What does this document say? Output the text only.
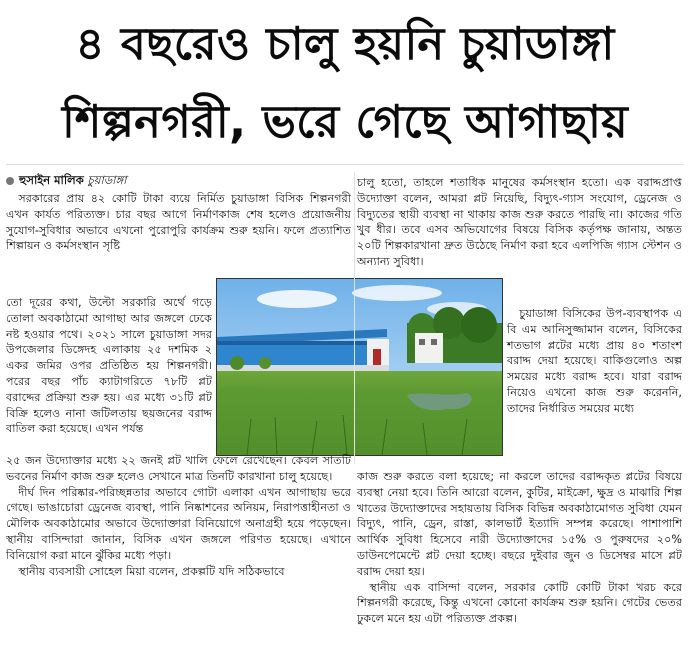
৪ বছরেও চালু হয়নি চুয়াডাঙ্গা
শিল্পনগরী, ভরে গেছে আগাছায়
হুসাইন মালিক চুয়াডাঙ্গা

সরকারের প্রায় ৪২ কোটি টাকা ব্যয়ে নির্মিত চুয়াডাঙ্গা বিসিক শিল্পনগরী এখন কার্যত পরিত্যক্ত। চার বছর আগে নির্মাণকাজ শেষ হলেও প্রয়োজনীয় সুযোগ-সুবিধার অভাবে এখনো পুরোপুরি কার্যক্রম শুরু হয়নি। ফলে প্রত্যাশিত শিল্পায়ন ও কর্মসংস্থান সৃষ্টি

তো দূরের কথা, উল্টো সরকারি অর্থে গড়ে তোলা অবকাঠামো আগাছা আর জঙ্গলে ঢেকে নষ্ট হওয়ার পথে। ২০২১ সালে চুয়াডাঙ্গা সদর উপজেলার ডিঙ্গেদহ এলাকায় ২৫ দশমিক ২ একর জমির ওপর প্রতিষ্ঠিত হয় শিল্পনগরী। পরের বছর পাঁচ ক্যাটাগরিতে ৭৮টি প্লট বরাদ্দের প্রক্রিয়া শুরু হয়। এর মধ্যে ৩১টি প্লট বিক্রি হলেও নানা জটিলতায় ছয়জনের বরাদ্দ বাতিল করা হয়েছে। এখন পর্যন্ত

২৫ জন উদ্যোক্তার মধ্যে ২২ জনই প্লট খালি ফেলে রেখেছেন। কেবল সাতটি ভবনের নির্মাণ কাজ শুরু হলেও সেখানে মাত্র তিনটি কারখানা চালু হয়েছে।

দীর্ঘ দিন পরিষ্কার-পরিচ্ছন্নতার অভাবে গোটা এলাকা এখন আগাছায় ভরে গেছে। ভাঙাচোরা ড্রেনেজ ব্যবস্থা, পানি নিষ্কাশনের অনিয়ম, নিরাপত্তাহীনতা ও মৌলিক অবকাঠামোর অভাবে উদ্যোক্তারা বিনিয়োগে অনাগ্রহী হয়ে পড়েছেন। স্থানীয় বাসিন্দারা জানান, বিসিক এখন জঙ্গলে পরিণত হয়েছে। এখানে বিনিয়োগ করা মানে ঝুঁকির মধ্যে পড়া।

স্থানীয় ব্যবসায়ী সোহেল মিয়া বলেন, প্রকল্পটি যদি সঠিকভাবে

চালু হতো, তাহলে শতাধিক মানুষের কর্মসংস্থান হতো। এক বরাদ্দপ্রাপ্ত উদ্যোক্তা বলেন, আমরা প্লট নিয়েছি, বিদ্যুৎ-গ্যাস সংযোগ, ড্রেনেজ ও বিদ্যুতের স্থায়ী ব্যবস্থা না থাকায় কাজ শুরু করতে পারছি না। কাজের গতি খুব ধীর। তবে এসব অভিযোগের বিষয়ে বিসিক কর্তৃপক্ষ জানায়, অন্তত ২০টি শিল্পকারখানা দ্রুত উঠেছে নির্মাণ করা হবে এলপিজি গ্যাস স্টেশন ও অন্যান্য সুবিধা।

চুয়াডাঙ্গা বিসিকের উপ-ব্যবস্থাপক এ বি এম আনিসুজ্জামান বলেন, বিসিকের শতভাগ প্লটের মধ্যে প্রায় ৪০ শতাংশ বরাদ্দ দেয়া হয়েছে। বাকিগুলোও অল্প সময়ের মধ্যে বরাদ্দ হবে। যারা বরাদ্দ নিয়েও এখনো কাজ শুরু করেননি, তাদের নির্ধারিত সময়ের মধ্যে

কাজ শুরু করতে বলা হয়েছে; না করলে তাদের বরাদ্দকৃত প্লটের বিষয়ে ব্যবস্থা নেয়া হবে। তিনি আরো বলেন, কুটির, মাইক্রো, ক্ষুদ্র ও মাঝারি শিল্প খাতের উদ্যোক্তাদের সহায়তায় বিসিক বিভিন্ন অবকাঠামোগত সুবিধা যেমন বিদ্যুৎ, পানি, ড্রেন, রাস্তা, কালভার্ট ইত্যাদি সম্পন্ন করেছে। পাশাপাশি আর্থিক সুবিধা হিসেবে নারী উদ্যোক্তাদের ১৫% ও পুরুষদের ২০% ডাউনপেমেন্টে প্লট দেয়া হচ্ছে। বছরে দুইবার জুন ও ডিসেম্বর মাসে প্লট বরাদ্দ দেয়া হয়।

স্থানীয় এক বাসিন্দা বলেন, সরকার কোটি কোটি টাকা খরচ করে শিল্পনগরী করেছে, কিন্তু এখনো কোনো কার্যক্রম শুরু হয়নি। গেটের ভেতর ঢুকলে মনে হয় এটা পরিত্যক্ত প্রকল্প।
